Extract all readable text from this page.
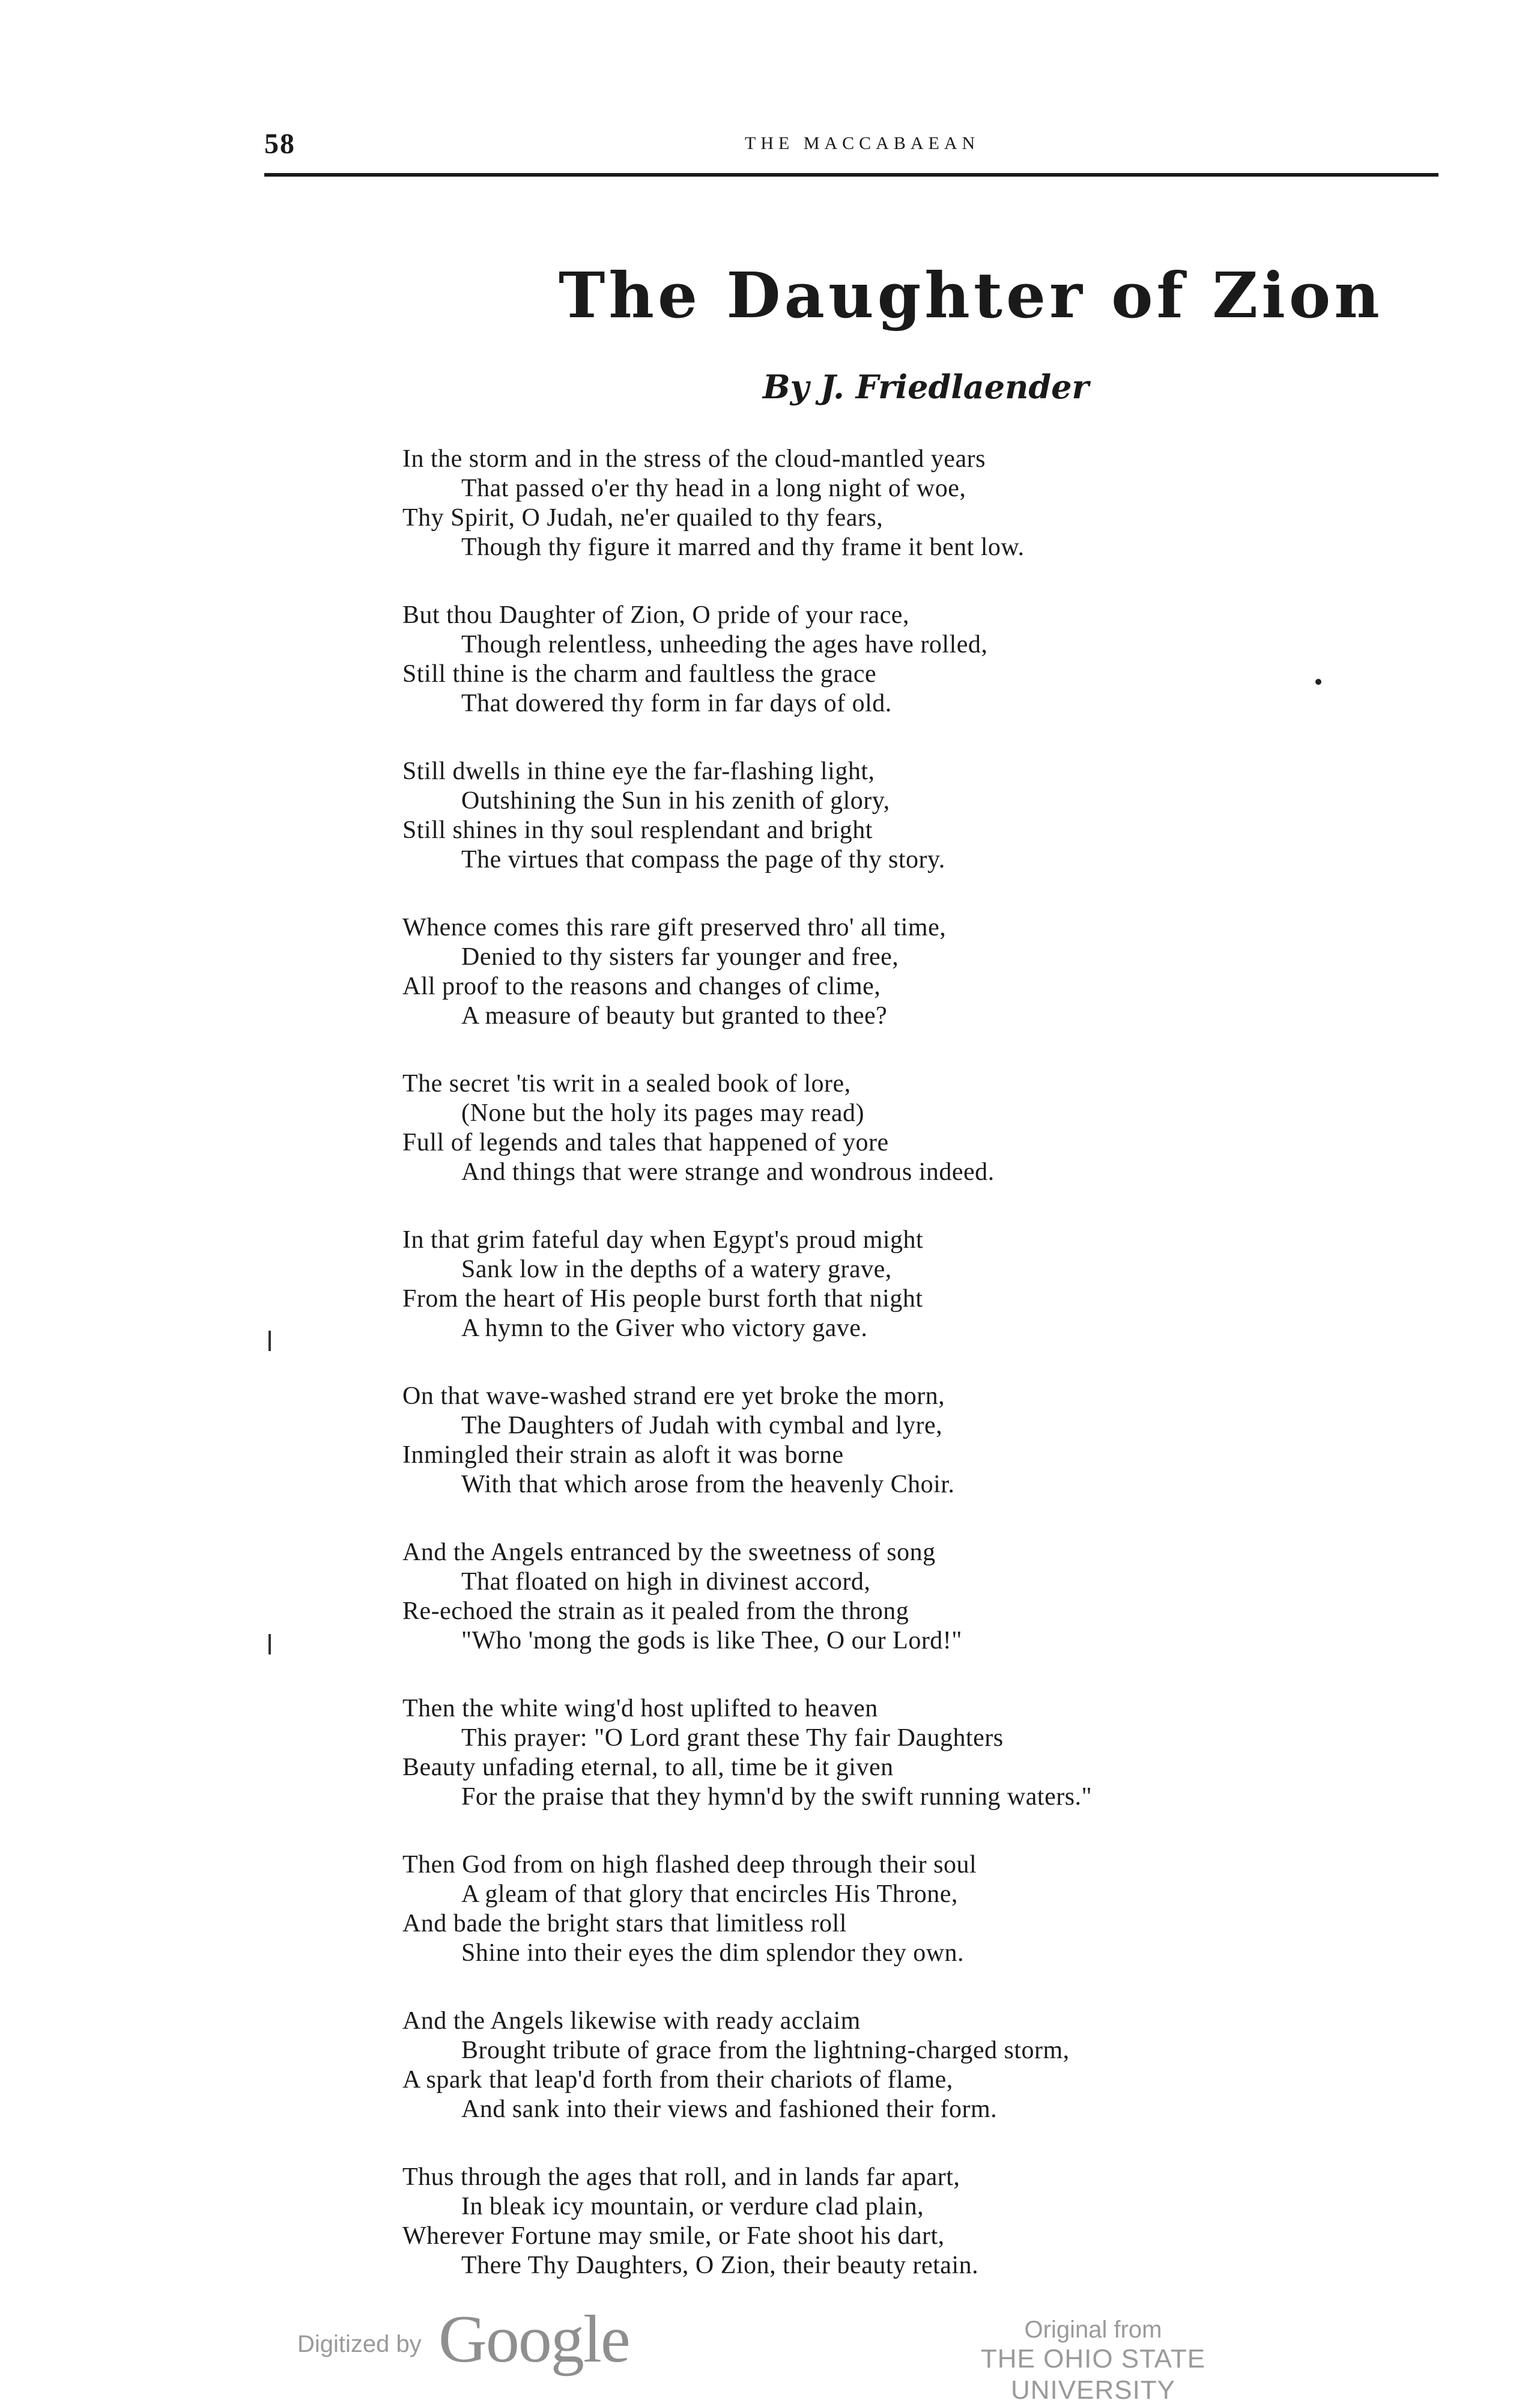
58	THE MACCABAEAN
The Daughter of Zion
By J. Friedlaender
In the storm and in the stress of the cloud-mantled years
That passed o'er thy head in a long night of woe,
Thy Spirit, O Judah, ne'er quailed to thy fears,
Though thy figure it marred and thy frame it bent low.
But thou Daughter of Zion, O pride of your race,
Though relentless, unheeding the ages have rolled,
Still thine is the charm and faultless the grace
That dowered thy form in far days of old.
Still dwells in thine eye the far-flashing light,
Outshining the Sun in his zenith of glory,
Still shines in thy soul resplendant and bright
The virtues that compass the page of thy story.
Whence comes this rare gift preserved thro' all time,
Denied to thy sisters far younger and free,
All proof to the reasons and changes of clime,
A measure of beauty but granted to thee?
The secret 'tis writ in a sealed book of lore,
(None but the holy its pages may read)
Full of legends and tales that happened of yore
And things that were strange and wondrous indeed.
In that grim fateful day when Egypt's proud might
Sank low in the depths of a watery grave,
From the heart of His people burst forth that night
A hymn to the Giver who victory gave.
On that wave-washed strand ere yet broke the morn,
The Daughters of Judah with cymbal and lyre,
Inmingled their strain as aloft it was borne
With that which arose from the heavenly Choir.
And the Angels entranced by the sweetness of song
That floated on high in divinest accord,
Re-echoed the strain as it pealed from the throng
"Who 'mong the gods is like Thee, O our Lord!"
Then the white wing'd host uplifted to heaven
This prayer: "O Lord grant these Thy fair Daughters
Beauty unfading eternal, to all, time be it given
For the praise that they hymn'd by the swift running waters."
Then God from on high flashed deep through their soul
A gleam of that glory that encircles His Throne,
And bade the bright stars that limitless roll
Shine into their eyes the dim splendor they own.
And the Angels likewise with ready acclaim
Brought tribute of grace from the lightning-charged storm,
A spark that leap'd forth from their chariots of flame,
And sank into their views and fashioned their form.
Thus through the ages that roll, and in lands far apart,
In bleak icy mountain, or verdure clad plain,
Wherever Fortune may smile, or Fate shoot his dart,
There Thy Daughters, O Zion, their beauty retain.
Digitized by Google	Original from
THE OHIO STATE UNIVERSITY
